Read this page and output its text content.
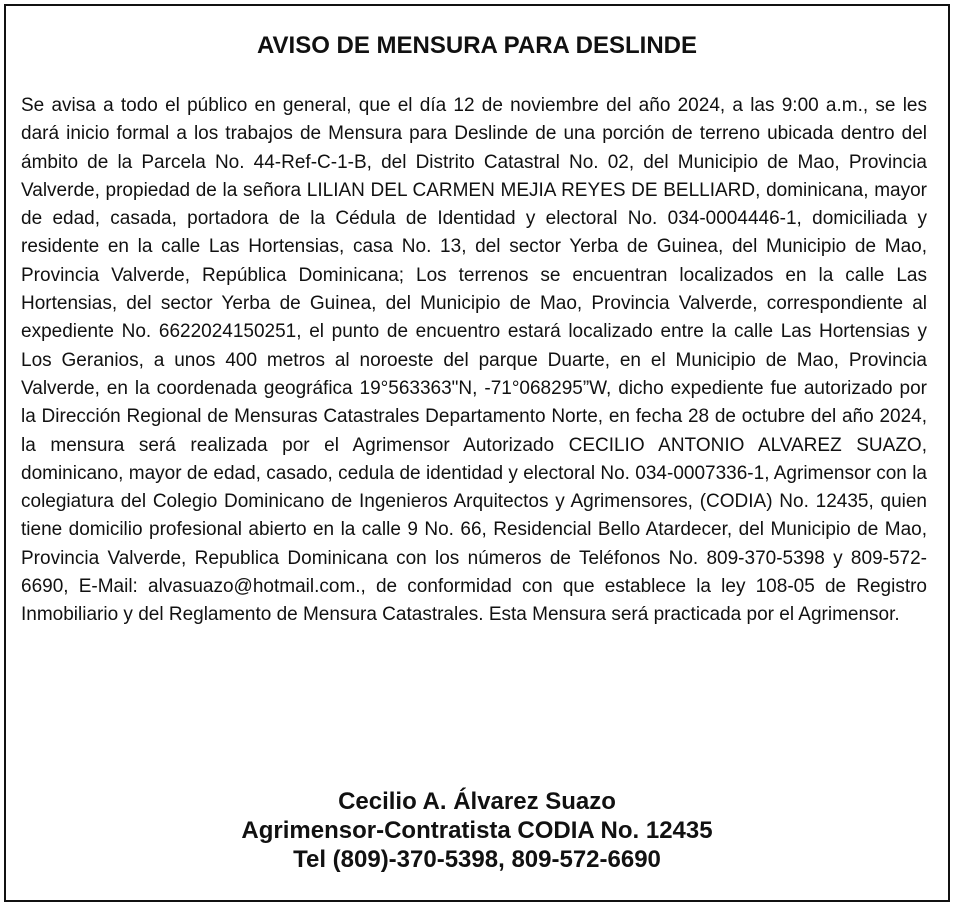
AVISO DE MENSURA PARA DESLINDE

Se avisa a todo el público en general, que el día 12 de noviembre del año 2024, a las 9:00 a.m., se les dará inicio formal a los trabajos de Mensura para Deslinde de una porción de terreno ubicada dentro del ámbito de la Parcela No. 44-Ref-C-1-B, del Distrito Catastral No. 02, del Municipio de Mao, Provincia Valverde, propiedad de la señora LILIAN DEL CARMEN MEJIA REYES DE BELLIARD, dominicana, mayor de edad, casada, portadora de la Cédula de Identidad y electoral No. 034-0004446-1, domiciliada y residente en la calle Las Hortensias, casa No. 13, del sector Yerba de Guinea, del Municipio de Mao, Provincia Valverde, República Dominicana; Los terrenos se encuentran localizados en la calle Las Hortensias, del sector Yerba de Guinea, del Municipio de Mao, Provincia Valverde, correspondiente al expediente No. 6622024150251, el punto de encuentro estará localizado entre la calle Las Hortensias y Los Geranios, a unos 400 metros al noroeste del parque Duarte, en el Municipio de Mao, Provincia Valverde, en la coordenada geográfica 19°563363"N, -71°068295”W, dicho expediente fue autorizado por la Dirección Regional de Mensuras Catastrales Departamento Norte, en fecha 28 de octubre del año 2024, la mensura será realizada por el Agrimensor Autorizado CECILIO ANTONIO ALVAREZ SUAZO, dominicano, mayor de edad, casado, cedula de identidad y electoral No. 034-0007336-1, Agrimensor con la colegiatura del Colegio Dominicano de Ingenieros Arquitectos y Agrimensores, (CODIA) No. 12435, quien tiene domicilio profesional abierto en la calle 9 No. 66, Residencial Bello Atardecer, del Municipio de Mao, Provincia Valverde, Republica Dominicana con los números de Teléfonos No. 809-370-5398 y 809-572-6690, E-Mail: alvasuazo@hotmail.com., de conformidad con que establece la ley 108-05 de Registro Inmobiliario y del Reglamento de Mensura Catastrales. Esta Mensura será practicada por el Agrimensor.

Cecilio A. Álvarez Suazo
Agrimensor-Contratista CODIA No. 12435
Tel (809)-370-5398, 809-572-6690
